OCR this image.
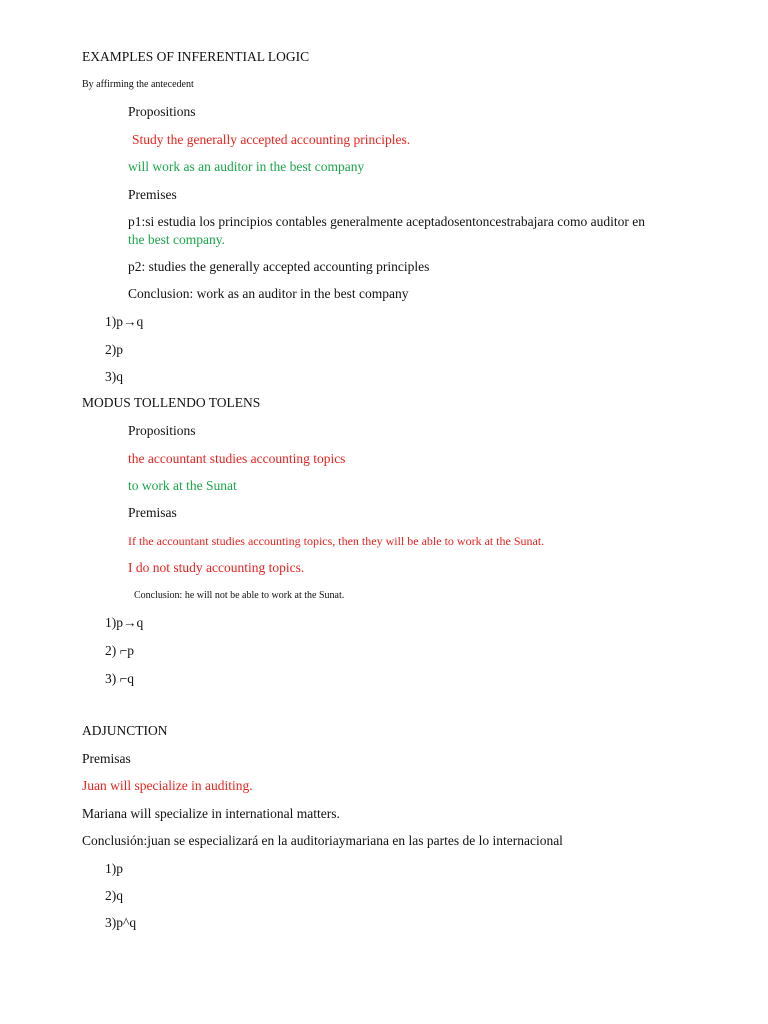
EXAMPLES OF INFERENTIAL LOGIC
By affirming the antecedent
Propositions
Study the generally accepted accounting principles.
will work as an auditor in the best company
Premises
p1:si estudia los principios contables generalmente aceptadosentoncestrabajara como auditor en
the best company.
p2: studies the generally accepted accounting principles
Conclusion: work as an auditor in the best company
1)p→q
2)p
3)q
MODUS TOLLENDO TOLENS
Propositions
the accountant studies accounting topics
to work at the Sunat
Premisas
If the accountant studies accounting topics, then they will be able to work at the Sunat.
I do not study accounting topics.
Conclusion: he will not be able to work at the Sunat.
1)p→q
2) ⌐p
3) ⌐q
ADJUNCTION
Premisas
Juan will specialize in auditing.
Mariana will specialize in international matters.
Conclusión:juan se especializará en la auditoriaymariana en las partes de lo internacional
1)p
2)q
3)p^q
